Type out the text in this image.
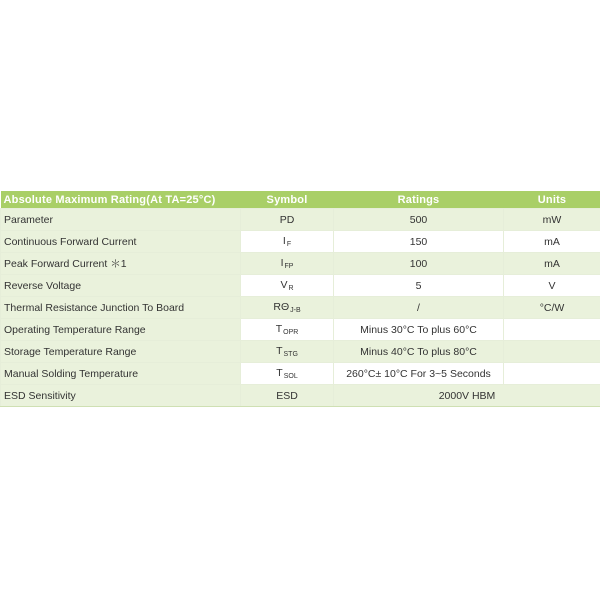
Absolute Maximum Rating(At TA=25°C)	Symbol	Ratings	Units
Parameter	PD	500	mW
Continuous Forward Current	IF	150	mA
Peak Forward Current ＊1	IFP	100	mA
Reverse Voltage	VR	5	V
Thermal Resistance Junction To Board	RΘJ-B	/	°C/W
Operating Temperature Range	TOPR	Minus 30°C To plus 60°C	
Storage Temperature Range	TSTG	Minus 40°C To plus 80°C	
Manual Solding Temperature	TSOL	260°C± 10°C For 3~5 Seconds	
ESD Sensitivity	ESD	2000V HBM	
